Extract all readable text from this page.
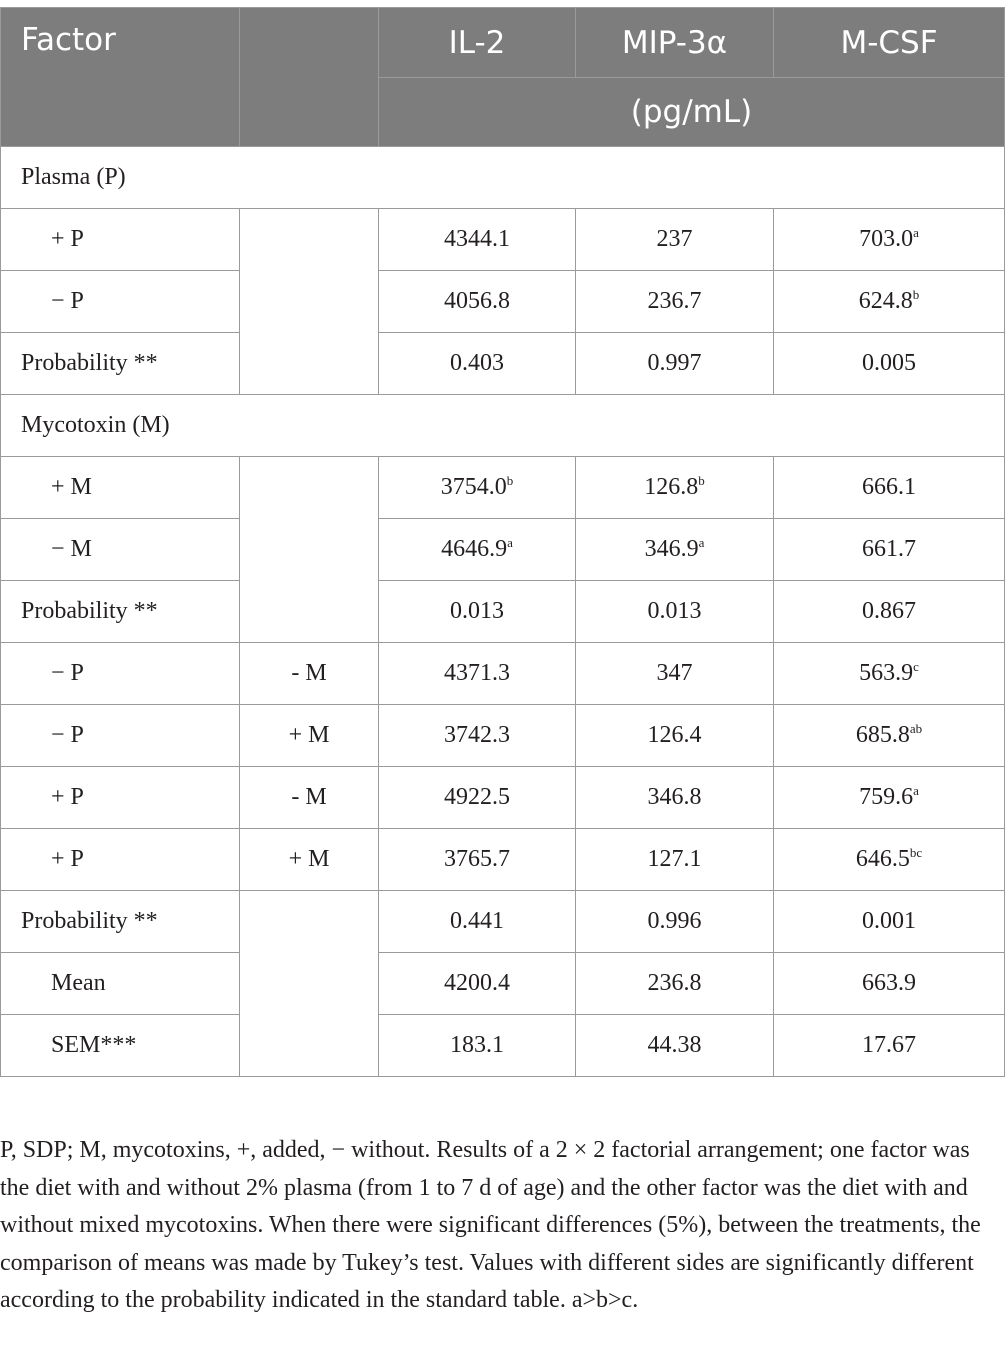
Factor		IL-2	MIP-3α	M-CSF
		(pg/mL)		
Plasma (P)				
+ P		4344.1	237	703.0$^a$
− P		4056.8	236.7	624.8$^b$
Probability **		0.403	0.997	0.005
Mycotoxin (M)				
+ M		3754.0$^b$	126.8$^b$	666.1
− M		4646.9$^a$	346.9$^a$	661.7
Probability **		0.013	0.013	0.867
− P	- M	4371.3	347	563.9$^c$
− P	+ M	3742.3	126.4	685.8$^{ab}$
+ P	- M	4922.5	346.8	759.6$^a$
+ P	+ M	3765.7	127.1	646.5$^{bc}$
Probability **		0.441	0.996	0.001
Mean		4200.4	236.8	663.9
SEM***		183.1	44.38	17.67
P, SDP; M, mycotoxins, +, added, − without. Results of a 2 × 2 factorial arrangement; one factor was the diet with and without 2% plasma (from 1 to 7 d of age) and the other factor was the diet with and without mixed mycotoxins. When there were significant differences (5%), between the treatments, the comparison of means was made by Tukey’s test. Values with different sides are significantly different according to the probability indicated in the standard table. a>b>c.
